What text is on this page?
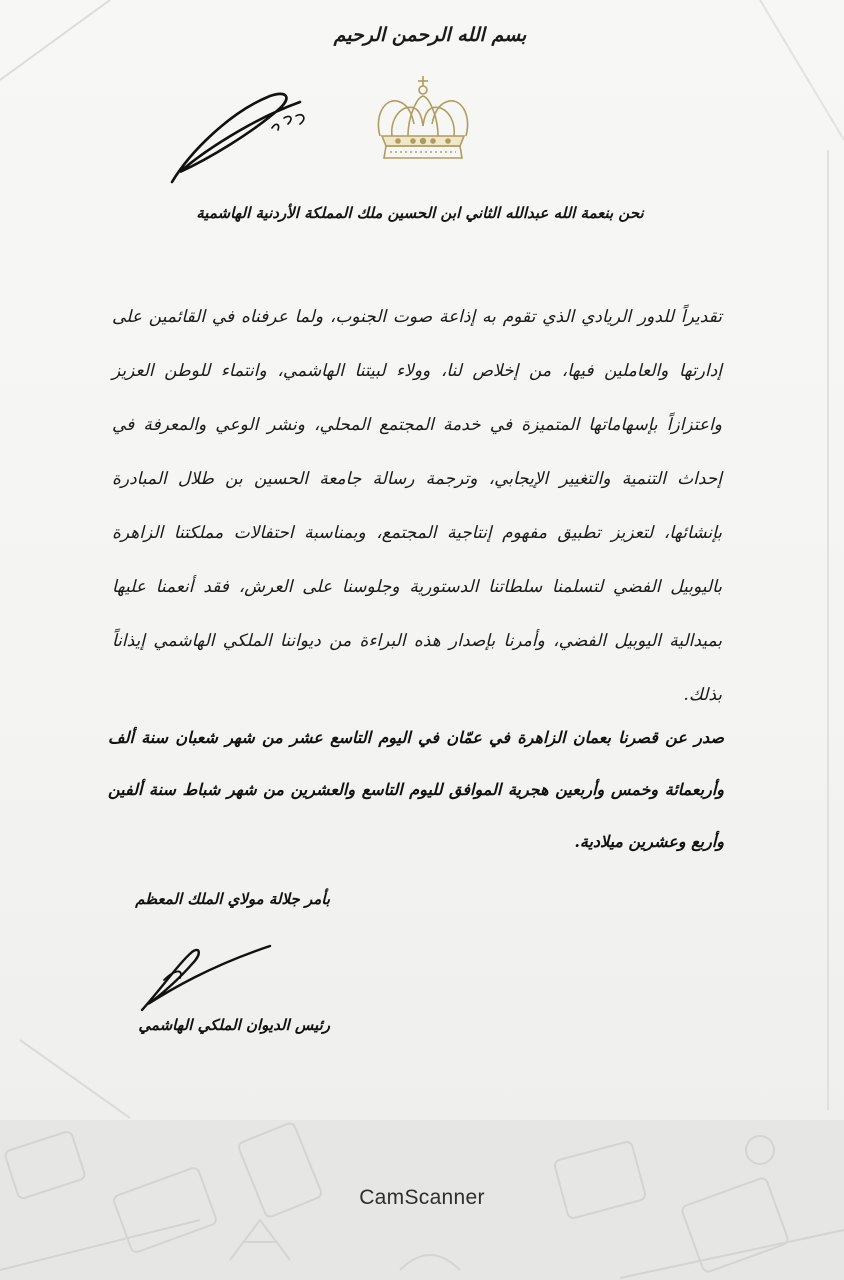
بسم الله الرحمن الرحيم
نحن بنعمة الله عبدالله الثاني ابن الحسين ملك المملكة الأردنية الهاشمية
تقديراً للدور الريادي الذي تقوم به إذاعة صوت الجنوب، ولما عرفناه في القائمين على إدارتها والعاملين فيها، من إخلاص لنا، وولاء لبيتنا الهاشمي، وانتماء للوطن العزيز واعتزازاً بإسهاماتها المتميزة في خدمة المجتمع المحلي، ونشر الوعي والمعرفة في إحداث التنمية والتغيير الإيجابي، وترجمة رسالة جامعة الحسين بن طلال المبادرة بإنشائها، لتعزيز تطبيق مفهوم إنتاجية المجتمع، وبمناسبة احتفالات مملكتنا الزاهرة باليوبيل الفضي لتسلمنا سلطاتنا الدستورية وجلوسنا على العرش، فقد أنعمنا عليها بميدالية اليوبيل الفضي، وأمرنا بإصدار هذه البراءة من ديواننا الملكي الهاشمي إيذاناً بذلك.
صدر عن قصرنا بعمان الزاهرة في عمّان في اليوم التاسع عشر من شهر شعبان سنة ألف وأربعمائة وخمس وأربعين هجرية الموافق لليوم التاسع والعشرين من شهر شباط سنة ألفين وأربع وعشرين ميلادية.
بأمر جلالة مولاي الملك المعظم
رئيس الديوان الملكي الهاشمي
CamScanner
